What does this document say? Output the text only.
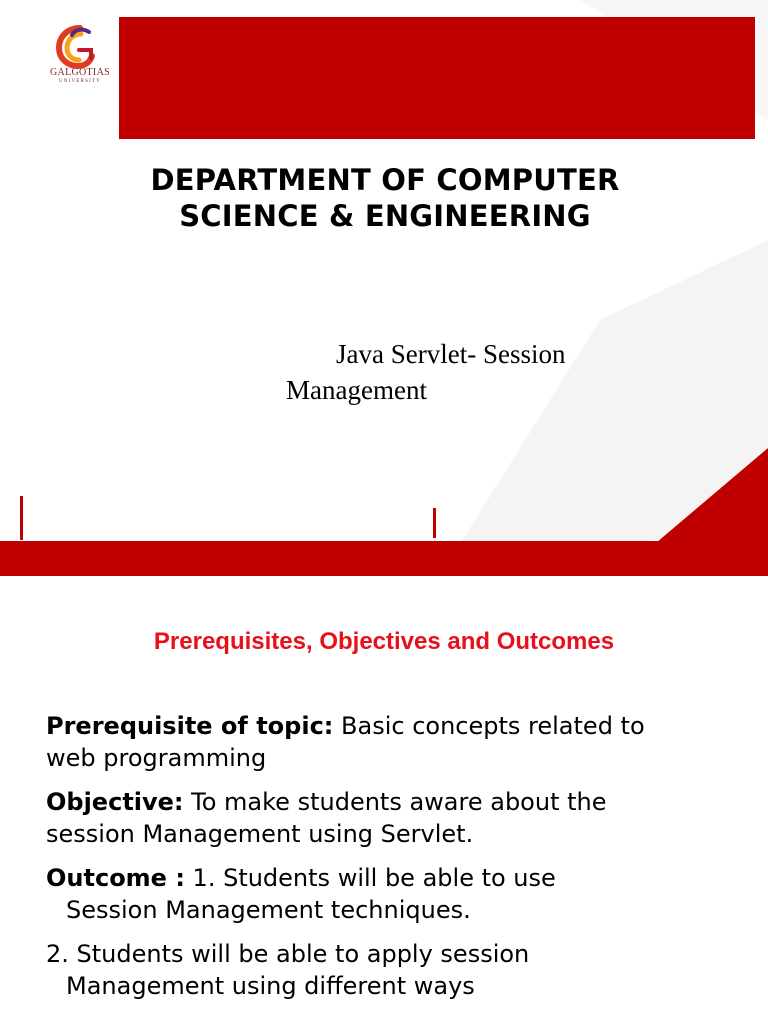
GALGOTIAS
UNIVERSITY
DEPARTMENT OF COMPUTER
SCIENCE & ENGINEERING
Java Servlet- Session
Management
Prerequisites, Objectives and Outcomes
Prerequisite of topic: Basic concepts related to
web programming
Objective: To make students aware about the
session Management using Servlet.
Outcome : 1. Students will be able to use
Session Management techniques.
2. Students will be able to apply session
Management using different ways
